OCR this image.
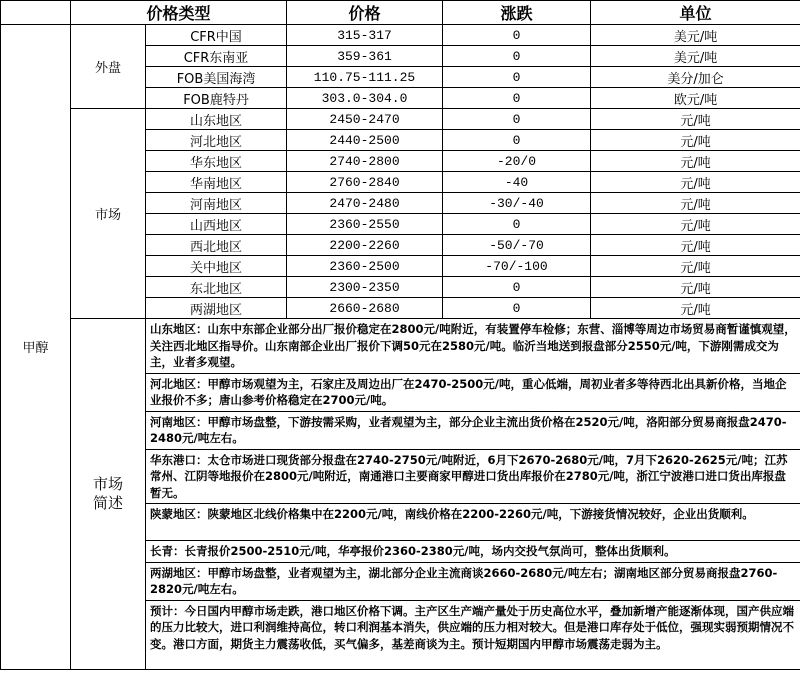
	价格类型		价格	涨跌	单位
甲醇	外盘	CFR中国	315-317	0	美元/吨
		CFR东南亚	359-361	0	美元/吨
		FOB美国海湾	110.75-111.25	0	美分/加仑
		FOB鹿特丹	303.0-304.0	0	欧元/吨
	市场	山东地区	2450-2470	0	元/吨
		河北地区	2440-2500	0	元/吨
		华东地区	2740-2800	-20/0	元/吨
		华南地区	2760-2840	-40	元/吨
		河南地区	2470-2480	-30/-40	元/吨
		山西地区	2360-2550	0	元/吨
		西北地区	2200-2260	-50/-70	元/吨
		关中地区	2360-2500	-70/-100	元/吨
		东北地区	2300-2350	0	元/吨
		两湖地区	2660-2680	0	元/吨
	市场
简述	山东地区：山东中东部企业部分出厂报价稳定在2800元/吨附近，有装置停车检修；东营、淄博等周边市场贸易商暂谨慎观望，关注西北地区指导价。山东南部企业出厂报价下调50元在2580元/吨。临沂当地送到报盘部分2550元/吨，下游刚需成交为主，业者多观望。			
		河北地区：甲醇市场观望为主，石家庄及周边出厂在2470-2500元/吨，重心低端，周初业者多等待西北出具新价格，当地企业报价不多；唐山参考价格稳定在2700元/吨。			
		河南地区：甲醇市场盘整，下游按需采购，业者观望为主，部分企业主流出货价格在2520元/吨，洛阳部分贸易商报盘2470-2480元/吨左右。			
		华东港口：太仓市场进口现货部分报盘在2740-2750元/吨附近，6月下2670-2680元/吨，7月下2620-2625元/吨；江苏常州、江阴等地报价在2800元/吨附近，南通港口主要商家甲醇进口货出库报价在2780元/吨，浙江宁波港口进口货出库报盘暂无。			
		陕蒙地区：陕蒙地区北线价格集中在2200元/吨，南线价格在2200-2260元/吨，下游接货情况较好，企业出货顺利。			
		长青：长青报价2500-2510元/吨，华亭报价2360-2380元/吨，场内交投气氛尚可，整体出货顺利。			
		两湖地区：甲醇市场盘整，业者观望为主，湖北部分企业主流商谈2660-2680元/吨左右；湖南地区部分贸易商报盘2760-2820元/吨左右。			
		预计：今日国内甲醇市场走跌，港口地区价格下调。主产区生产端产量处于历史高位水平，叠加新增产能逐渐体现，国产供应端的压力比较大，进口利润维持高位，转口利润基本消失，供应端的压力相对较大。但是港口库存处于低位，强现实弱预期情况不变。港口方面，期货主力震荡收低，买气偏多，基差商谈为主。预计短期国内甲醇市场震荡走弱为主。			
